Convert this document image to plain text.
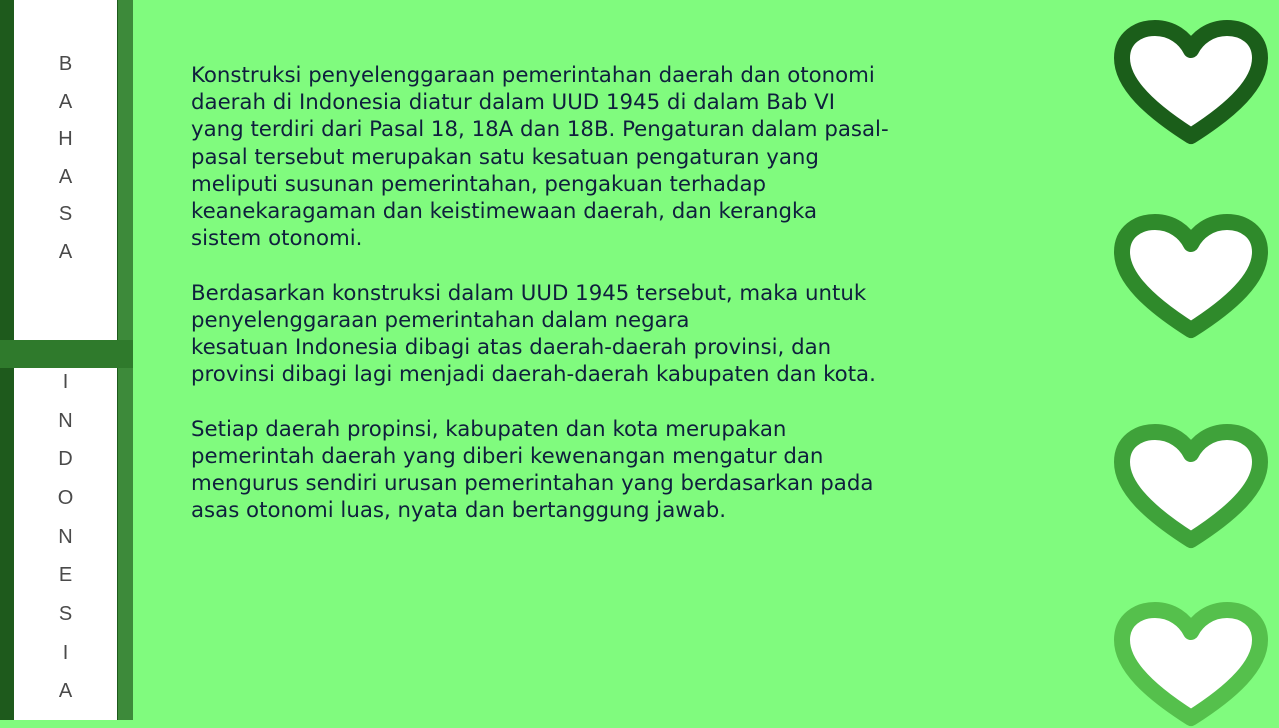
B
A
H
A
S
A
I
N
D
O
N
E
S
I
A

Konstruksi penyelenggaraan pemerintahan daerah dan otonomi
daerah di Indonesia diatur dalam UUD 1945 di dalam Bab VI
yang terdiri dari Pasal 18, 18A dan 18B. Pengaturan dalam pasal-
pasal tersebut merupakan satu kesatuan pengaturan yang
meliputi susunan pemerintahan, pengakuan terhadap
keanekaragaman dan keistimewaan daerah, dan kerangka
sistem otonomi.

Berdasarkan konstruksi dalam UUD 1945 tersebut, maka untuk
penyelenggaraan pemerintahan dalam negara
kesatuan Indonesia dibagi atas daerah-daerah provinsi, dan
provinsi dibagi lagi menjadi daerah-daerah kabupaten dan kota.

Setiap daerah propinsi, kabupaten dan kota merupakan
pemerintah daerah yang diberi kewenangan mengatur dan
mengurus sendiri urusan pemerintahan yang berdasarkan pada
asas otonomi luas, nyata dan bertanggung jawab.
